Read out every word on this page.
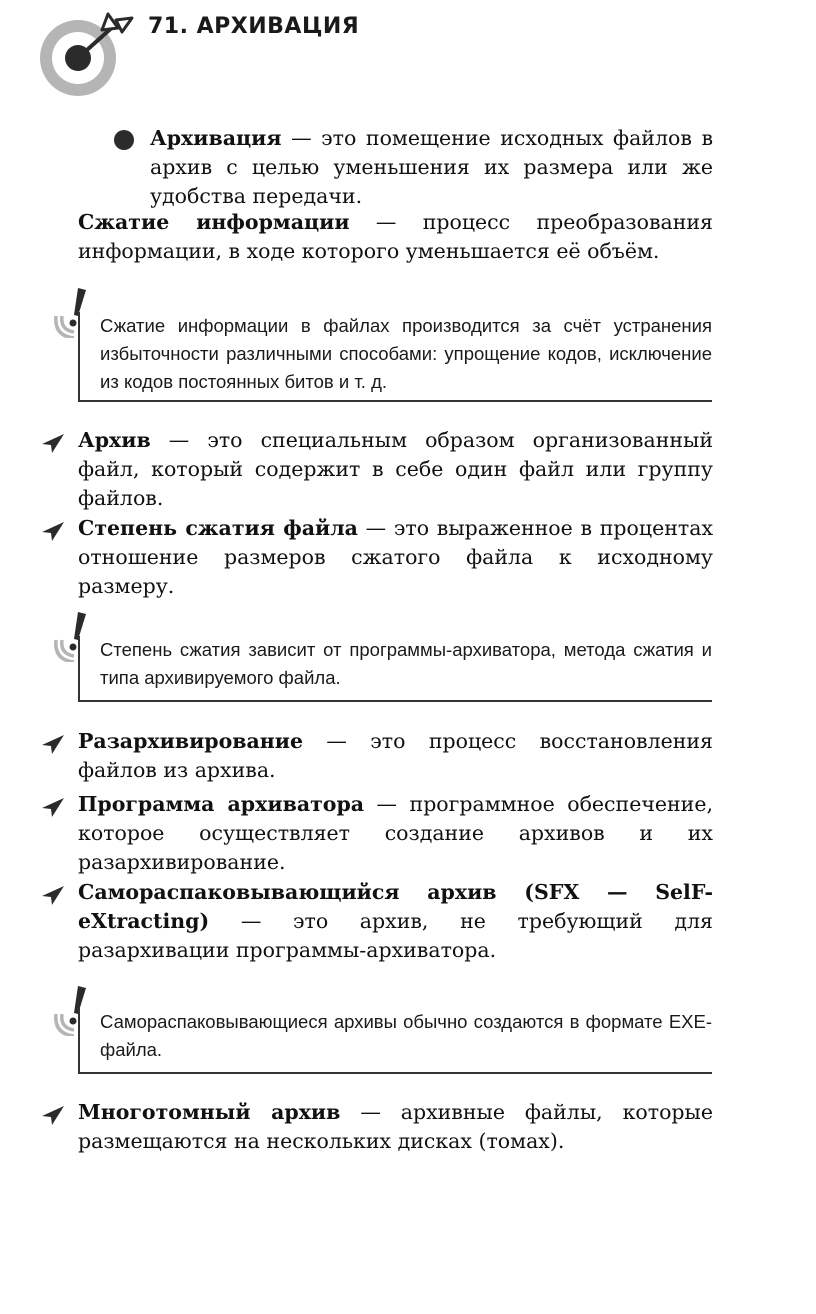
71. АРХИВАЦИЯ

Архивация — это помещение исходных файлов в архив с целью уменьшения их размера или же удобства передачи.

Сжатие информации — процесс преобразования информации, в ходе которого уменьшается её объём.

Сжатие информации в файлах производится за счёт устранения избыточности различными способами: упрощение кодов, исключение из кодов постоянных битов и т. д.

Архив — это специальным образом организованный файл, который содержит в себе один файл или группу файлов.

Степень сжатия файла — это выраженное в процентах отношение размеров сжатого файла к исходному размеру.

Степень сжатия зависит от программы-архиватора, метода сжатия и типа архивируемого файла.

Разархивирование — это процесс восстановления файлов из архива.

Программа архиватора — программное обеспечение, которое осуществляет создание архивов и их разархивирование.

Самораспаковывающийся архив (SFX — SelF-eXtracting) — это архив, не требующий для разархивации программы-архиватора.

Самораспаковывающиеся архивы обычно создаются в формате EXE-файла.

Многотомный архив — архивные файлы, которые размещаются на нескольких дисках (томах).
